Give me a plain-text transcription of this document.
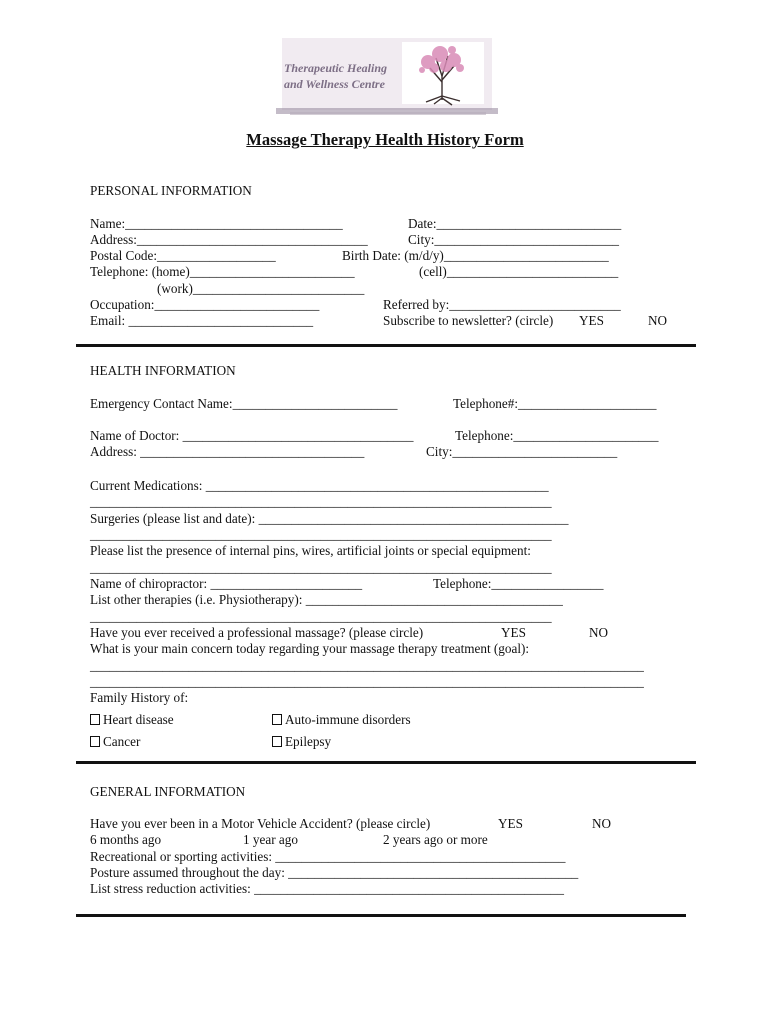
Therapeutic Healing
and Wellness Centre
Massage Therapy Health History Form
PERSONAL INFORMATION
Name:_________________________________	Date:____________________________
Address:___________________________________	City:____________________________
Postal Code:__________________	Birth Date: (m/d/y)_________________________
Telephone: (home)_________________________	(cell)__________________________
(work)__________________________
Occupation:_________________________	Referred by:__________________________
Email: ____________________________	Subscribe to newsletter? (circle) YES	NO
HEALTH INFORMATION
Emergency Contact Name:_________________________	Telephone#:_____________________
Name of Doctor: ___________________________________	Telephone:______________________
Address: __________________________________	City:_________________________
Current Medications: ____________________________________________________
______________________________________________________________________
Surgeries (please list and date): _______________________________________________
______________________________________________________________________
Please list the presence of internal pins, wires, artificial joints or special equipment:
______________________________________________________________________
Name of chiropractor: _______________________	Telephone:_________________
List other therapies (i.e. Physiotherapy): _______________________________________
______________________________________________________________________
Have you ever received a professional massage? (please circle)	YES	NO
What is your main concern today regarding your massage therapy treatment (goal):
____________________________________________________________________________________
____________________________________________________________________________________
Family History of:
Heart disease	Auto-immune disorders
Cancer	Epilepsy
GENERAL INFORMATION
Have you ever been in a Motor Vehicle Accident? (please circle)	YES	NO
6 months ago	1 year ago	2 years ago or more
Recreational or sporting activities: ____________________________________________
Posture assumed throughout the day: ____________________________________________
List stress reduction activities: _______________________________________________
